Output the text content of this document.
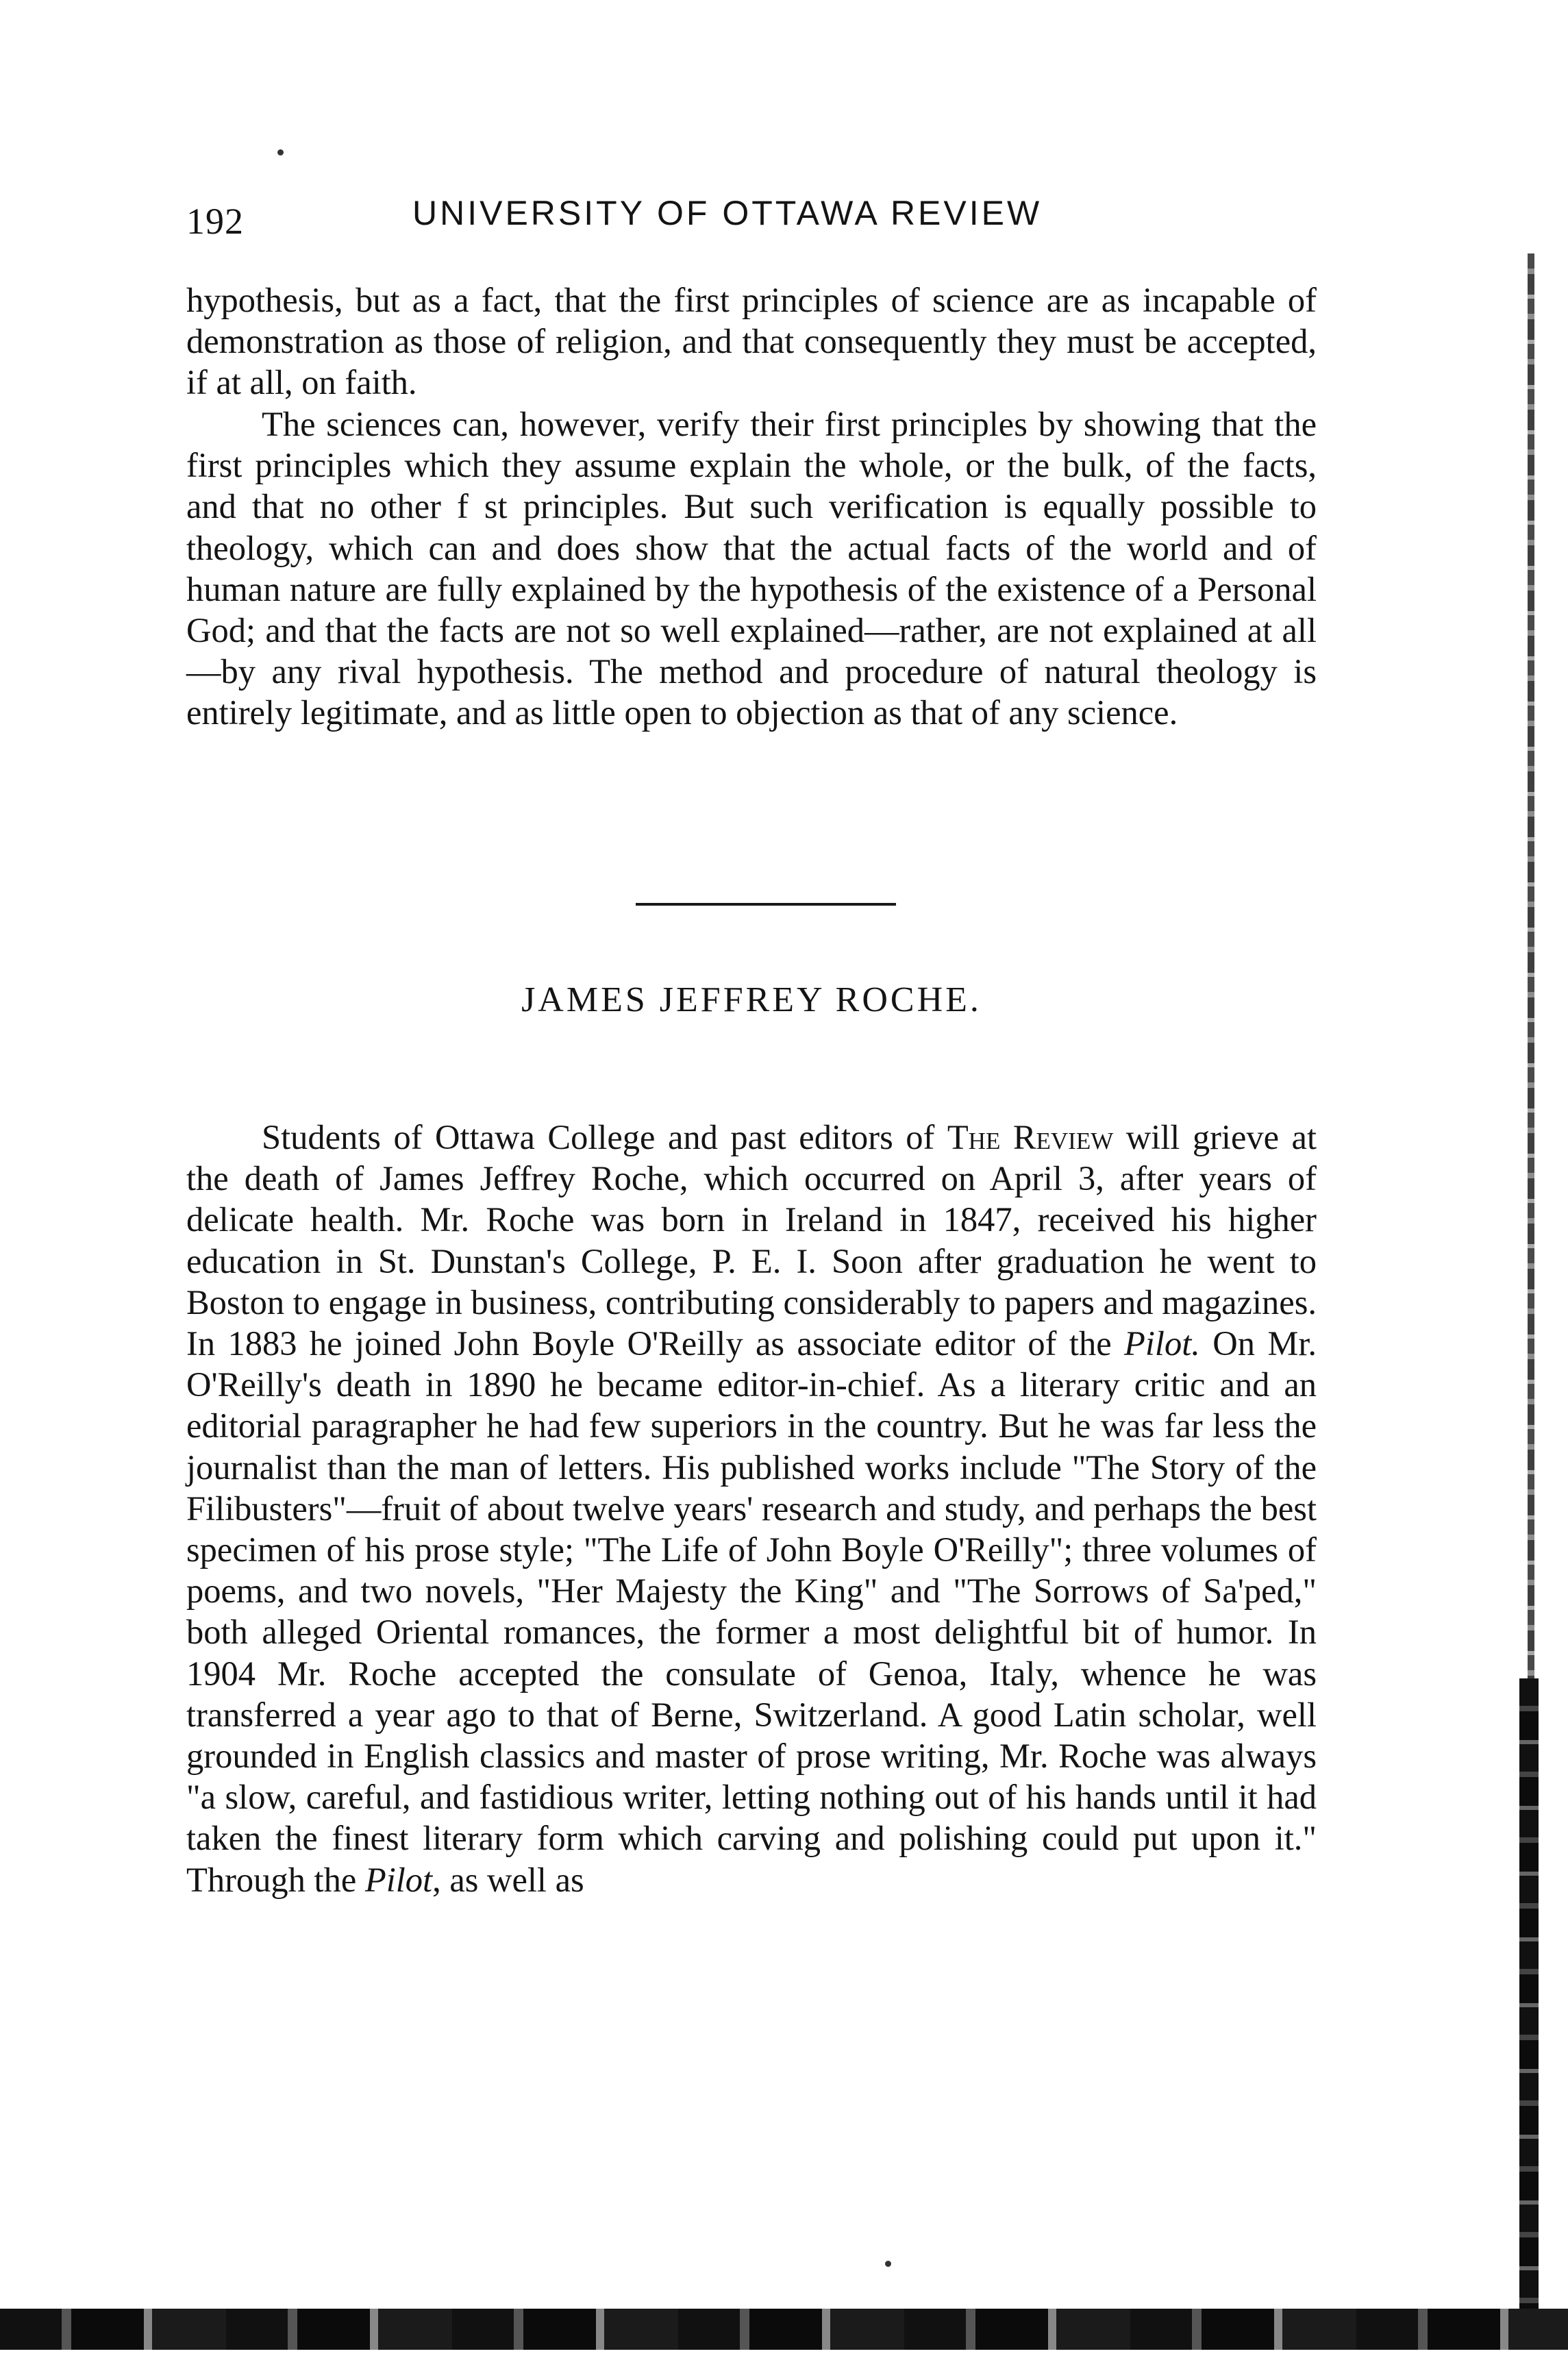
192	UNIVERSITY OF OTTAWA REVIEW

hypothesis, but as a fact, that the first principles of science are as incapable of demonstration as those of religion, and that consequently they must be accepted, if at all, on faith.

The sciences can, however, verify their first principles by showing that the first principles which they assume explain the whole, or the bulk, of the facts, and that no other f st principles. But such verification is equally possible to theology, which can and does show that the actual facts of the world and of human nature are fully explained by the hypothesis of the existence of a Personal God; and that the facts are not so well explained—rather, are not explained at all—by any rival hypothesis. The method and procedure of natural theology is entirely legitimate, and as little open to objection as that of any science.

JAMES JEFFREY ROCHE.

Students of Ottawa College and past editors of The Review will grieve at the death of James Jeffrey Roche, which occurred on April 3, after years of delicate health. Mr. Roche was born in Ireland in 1847, received his higher education in St. Dunstan's College, P. E. I. Soon after graduation he went to Boston to engage in business, contributing considerably to papers and magazines. In 1883 he joined John Boyle O'Reilly as associate editor of the Pilot. On Mr. O'Reilly's death in 1890 he became editor-in-chief. As a literary critic and an editorial paragrapher he had few superiors in the country. But he was far less the journalist than the man of letters. His published works include "The Story of the Filibusters"—fruit of about twelve years' research and study, and perhaps the best specimen of his prose style; "The Life of John Boyle O'Reilly"; three volumes of poems, and two novels, "Her Majesty the King" and "The Sorrows of Sa'ped," both alleged Oriental romances, the former a most delightful bit of humor. In 1904 Mr. Roche accepted the consulate of Genoa, Italy, whence he was transferred a year ago to that of Berne, Switzerland. A good Latin scholar, well grounded in English classics and master of prose writing, Mr. Roche was always "a slow, careful, and fastidious writer, letting nothing out of his hands until it had taken the finest literary form which carving and polishing could put upon it." Through the Pilot, as well as
